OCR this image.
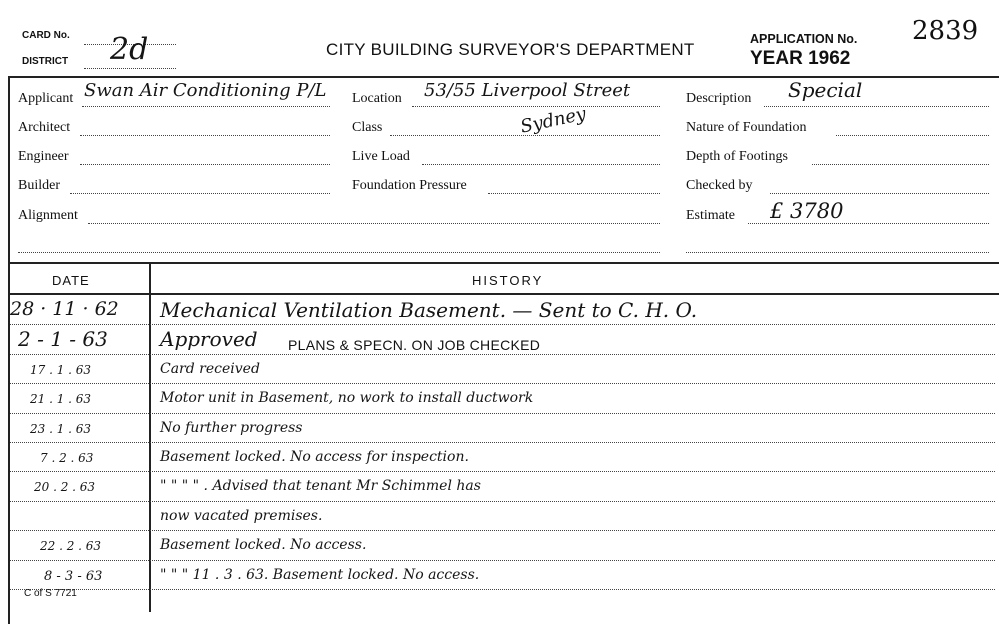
CARD No.
DISTRICT 2d	CITY BUILDING SURVEYOR'S DEPARTMENT
APPLICATION No. 2839
YEAR 1962
Applicant Swan Air Conditioning P/L
Architect
Engineer
Builder
Alignment
Location 53/55 Liverpool Street
Class	Sydney
Live Load
Foundation Pressure
Description Special
Nature of Foundation
Depth of Footings
Checked by
Estimate £ 3780
DATE	HISTORY
28 · 11 · 62 Mechanical Ventilation Basement. — Sent to C. H. O.
2 - 1 - 63	Approved PLANS & SPECN. ON JOB CHECKED
17 . 1 . 63	Card received
21 . 1 . 63	Motor unit in Basement, no work to install ductwork
23 . 1 . 63	No further progress
7 . 2 . 63	Basement locked. No access for inspection.
20 . 2 . 63	" " " " . Advised that tenant Mr Schimmel has
now vacated premises.
22 . 2 . 63	Basement locked. No access.
8 - 3 - 63	" " " 11 . 3 . 63. Basement locked. No access.
C of S 7721
